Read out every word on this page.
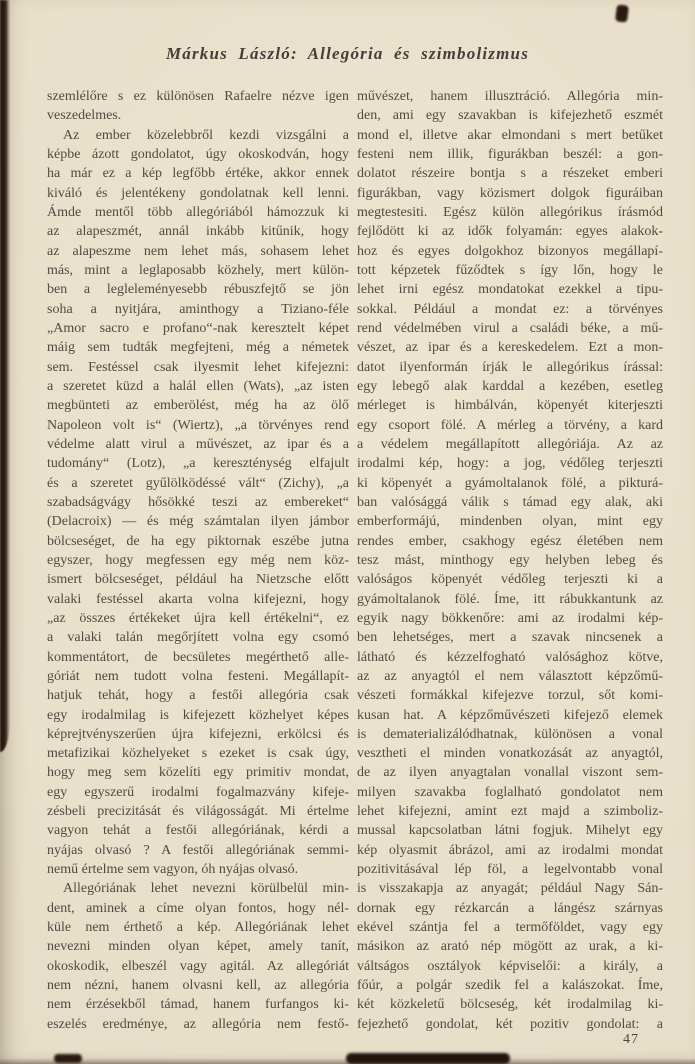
Márkus László: Allegória és szimbolizmus
szemlélőre s ez különösen Rafaelre nézve igen
veszedelmes.
Az ember közelebbről kezdi vizsgálni a
képbe ázott gondolatot, úgy okoskodván, hogy
ha már ez a kép legfőbb értéke, akkor ennek
kiváló és jelentékeny gondolatnak kell lenni.
Ámde mentől több allegóriából hámozzuk ki
az alapeszmét, annál inkább kitűnik, hogy
az alapeszme nem lehet más, sohasem lehet
más, mint a leglaposabb közhely, mert külön-
ben a legleleményesebb rébuszfejtő se jön
soha a nyitjára, aminthogy a Tiziano-féle
„Amor sacro e profano“-nak keresztelt képet
máig sem tudták megfejteni, még a németek
sem. Festéssel csak ilyesmit lehet kifejezni:
a szeretet küzd a halál ellen (Wats), „az isten
megbünteti az emberölést, még ha az ölő
Napoleon volt is“ (Wiertz), „a törvényes rend
védelme alatt virul a művészet, az ipar és a
tudomány“ (Lotz), „a kereszténység elfajult
és a szeretet gyűlölködéssé vált“ (Zichy), „a
szabadságvágy hősökké teszi az embereket“
(Delacroix) — és még számtalan ilyen jámbor
bölcseséget, de ha egy piktornak eszébe jutna
egyszer, hogy megfessen egy még nem köz-
ismert bölcseséget, például ha Nietzsche előtt
valaki festéssel akarta volna kifejezni, hogy
„az összes értékeket újra kell értékelni“, ez
a valaki talán megőrjített volna egy csomó
kommentátort, de becsületes megérthető alle-
góriát nem tudott volna festeni. Megállapít-
hatjuk tehát, hogy a festői allegória csak
egy irodalmilag is kifejezett közhelyet képes
képrejtvényszerűen újra kifejezni, erkölcsi és
metafizikai közhelyeket s ezeket is csak úgy,
hogy meg sem közelíti egy primitiv mondat,
egy egyszerű irodalmi fogalmazvány kifeje-
zésbeli precizitását és világosságát. Mi értelme
vagyon tehát a festői allegóriának, kérdi a
nyájas olvasó ? A festői allegóriának semmi-
nemű értelme sem vagyon, óh nyájas olvasó.
Allegóriának lehet nevezni körülbelül min-
dent, aminek a címe olyan fontos, hogy nél-
küle nem érthető a kép. Allegóriának lehet
nevezni minden olyan képet, amely tanít,
okoskodik, elbeszél vagy agitál. Az allegóriát
nem nézni, hanem olvasni kell, az allegória
nem érzésekből támad, hanem furfangos ki-
eszelés eredménye, az allegória nem festő-
művészet, hanem illusztráció. Allegória min-
den, ami egy szavakban is kifejezhető eszmét
mond el, illetve akar elmondani s mert betűket
festeni nem illik, figurákban beszél: a gon-
dolatot részeire bontja s a részeket emberi
figurákban, vagy közismert dolgok figuráiban
megtestesiti. Egész külön allegórikus írásmód
fejlődött ki az idők folyamán: egyes alakok-
hoz és egyes dolgokhoz bizonyos megállapí-
tott képzetek fűződtek s így lőn, hogy le
lehet irni egész mondatokat ezekkel a tipu-
sokkal. Például a mondat ez: a törvényes
rend védelmében virul a családi béke, a mű-
vészet, az ipar és a kereskedelem. Ezt a mon-
datot ilyenformán írják le allegórikus írással:
egy lebegő alak karddal a kezében, esetleg
mérleget is himbálván, köpenyét kiterjeszti
egy csoport fölé. A mérleg a törvény, a kard
a védelem megállapított allegóriája. Az az
irodalmi kép, hogy: a jog, védőleg terjeszti
ki köpenyét a gyámoltalanok fölé, a pikturá-
ban valósággá válik s támad egy alak, aki
emberformájú, mindenben olyan, mint egy
rendes ember, csakhogy egész életében nem
tesz mást, minthogy egy helyben lebeg és
valóságos köpenyét védőleg terjeszti ki a
gyámoltalanok fölé. Íme, itt rábukkantunk az
egyik nagy bökkenőre: ami az irodalmi kép-
ben lehetséges, mert a szavak nincsenek a
látható és kézzelfogható valósághoz kötve,
az az anyagtól el nem választott képzőmű-
vészeti formákkal kifejezve torzul, sőt komi-
kusan hat. A képzőművészeti kifejező elemek
is dematerializálódhatnak, különösen a vonal
vesztheti el minden vonatkozását az anyagtól,
de az ilyen anyagtalan vonallal viszont sem-
milyen szavakba foglalható gondolatot nem
lehet kifejezni, amint ezt majd a szimboliz-
mussal kapcsolatban látni fogjuk. Mihelyt egy
kép olyasmit ábrázol, ami az irodalmi mondat
pozitivitásával lép föl, a legelvontabb vonal
is visszakapja az anyagát; például Nagy Sán-
dornak egy rézkarcán a lángész szárnyas
ekével szántja fel a termőföldet, vagy egy
másikon az arató nép mögött az urak, a ki-
váltságos osztályok képviselői: a király, a
főúr, a polgár szedik fel a kalászokat. Íme,
két közkeletű bölcseség, két irodalmilag ki-
fejezhető gondolat, két pozitiv gondolat: a
47
